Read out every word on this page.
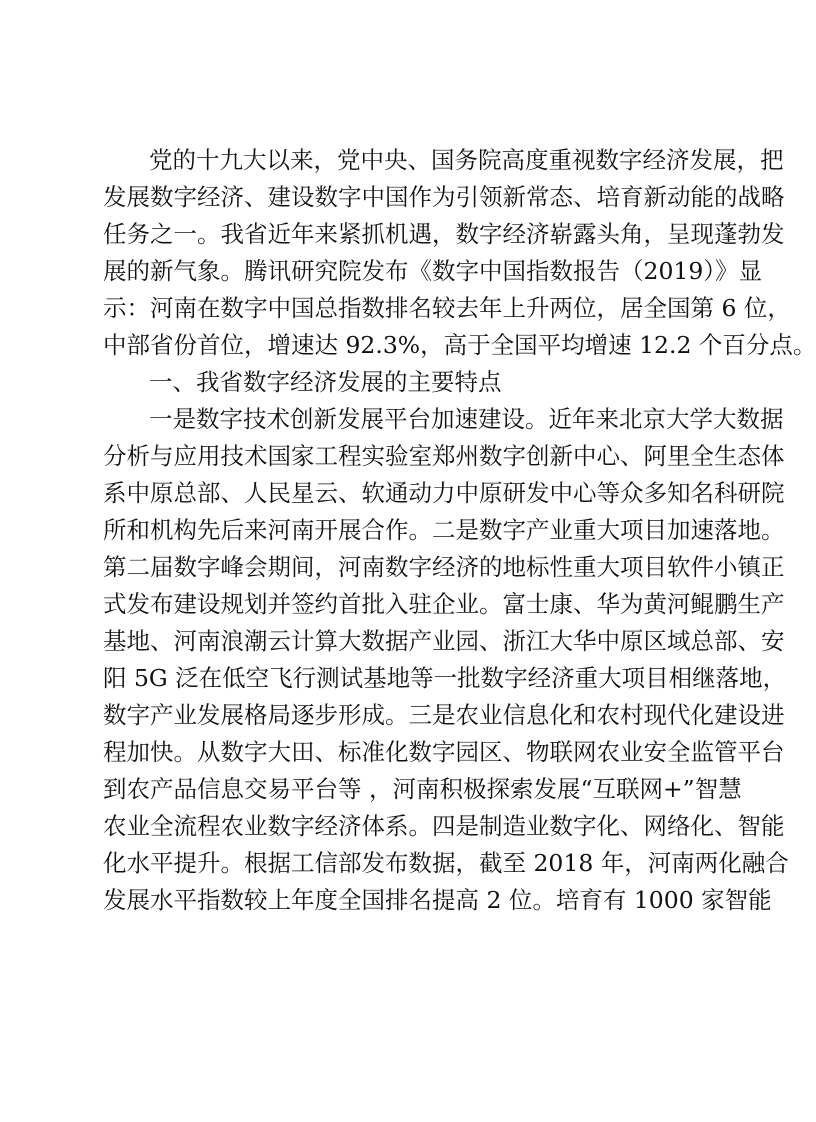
党的十九大以来，党中央、国务院高度重视数字经济发展，把
发展数字经济、建设数字中国作为引领新常态、培育新动能的战略
任务之一。我省近年来紧抓机遇，数字经济崭露头角，呈现蓬勃发
展的新气象。腾讯研究院发布《数字中国指数报告（2019）》显
示：河南在数字中国总指数排名较去年上升两位，居全国第 6 位，
中部省份首位，增速达 92.3%，高于全国平均增速 12.2 个百分点。
一、我省数字经济发展的主要特点
一是数字技术创新发展平台加速建设。近年来北京大学大数据
分析与应用技术国家工程实验室郑州数字创新中心、阿里全生态体
系中原总部、人民星云、软通动力中原研发中心等众多知名科研院
所和机构先后来河南开展合作。二是数字产业重大项目加速落地。
第二届数字峰会期间，河南数字经济的地标性重大项目软件小镇正
式发布建设规划并签约首批入驻企业。富士康、华为黄河鲲鹏生产
基地、河南浪潮云计算大数据产业园、浙江大华中原区域总部、安
阳 5G 泛在低空飞行测试基地等一批数字经济重大项目相继落地，
数字产业发展格局逐步形成。三是农业信息化和农村现代化建设进
程加快。从数字大田、标准化数字园区、物联网农业安全监管平台
到农产品信息交易平台等 ，河南积极探索发展“互联网+”智慧
农业全流程农业数字经济体系。四是制造业数字化、网络化、智能
化水平提升。根据工信部发布数据，截至 2018 年，河南两化融合
发展水平指数较上年度全国排名提高 2 位。培育有 1000 家智能
